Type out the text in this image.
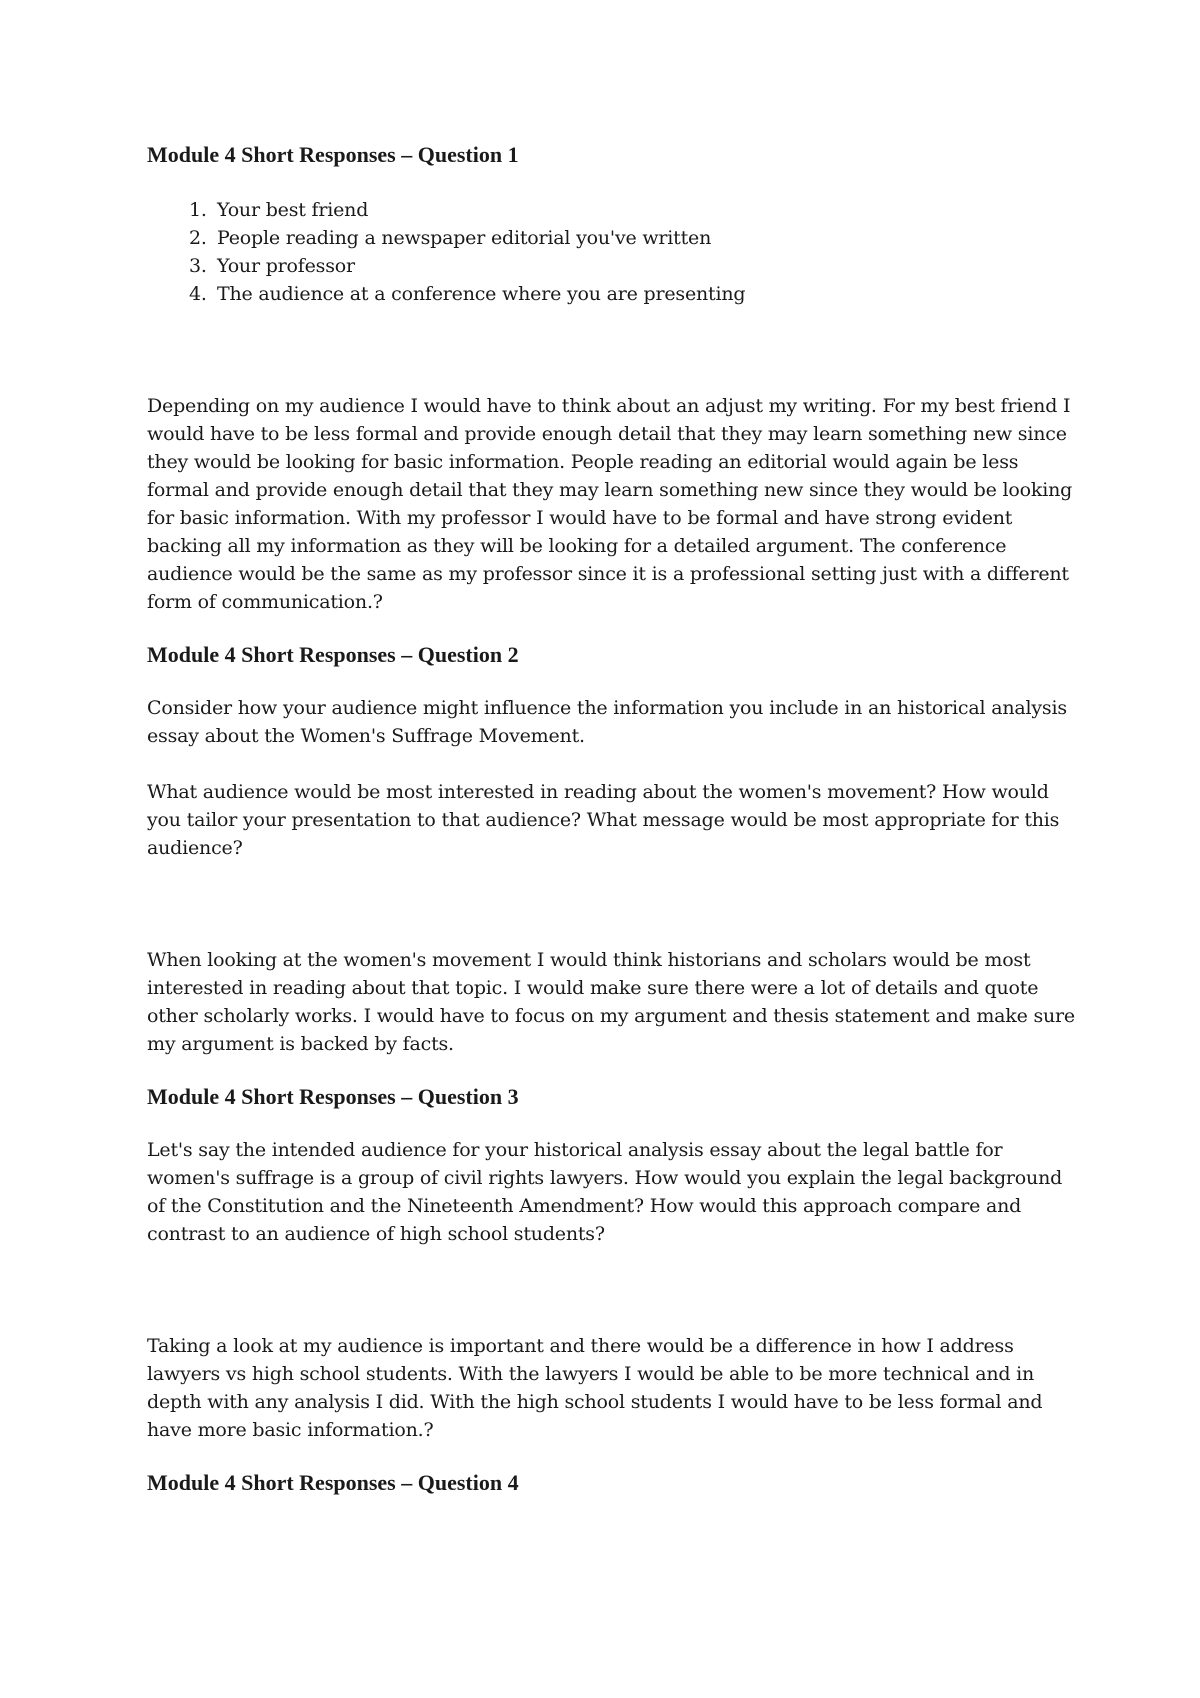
Module 4 Short Responses – Question 1
1. Your best friend
2. People reading a newspaper editorial you've written
3. Your professor
4. The audience at a conference where you are presenting

Depending on my audience I would have to think about an adjust my writing. For my best friend I would have to be less formal and provide enough detail that they may learn something new since they would be looking for basic information. People reading an editorial would again be less formal and provide enough detail that they may learn something new since they would be looking for basic information. With my professor I would have to be formal and have strong evident backing all my information as they will be looking for a detailed argument. The conference audience would be the same as my professor since it is a professional setting just with a different form of communication.?

Module 4 Short Responses – Question 2

Consider how your audience might influence the information you include in an historical analysis essay about the Women's Suffrage Movement.

What audience would be most interested in reading about the women's movement? How would you tailor your presentation to that audience? What message would be most appropriate for this audience?

When looking at the women's movement I would think historians and scholars would be most interested in reading about that topic. I would make sure there were a lot of details and quote other scholarly works. I would have to focus on my argument and thesis statement and make sure my argument is backed by facts.

Module 4 Short Responses – Question 3

Let's say the intended audience for your historical analysis essay about the legal battle for women's suffrage is a group of civil rights lawyers. How would you explain the legal background of the Constitution and the Nineteenth Amendment? How would this approach compare and contrast to an audience of high school students?

Taking a look at my audience is important and there would be a difference in how I address lawyers vs high school students. With the lawyers I would be able to be more technical and in depth with any analysis I did. With the high school students I would have to be less formal and have more basic information.?

Module 4 Short Responses – Question 4
